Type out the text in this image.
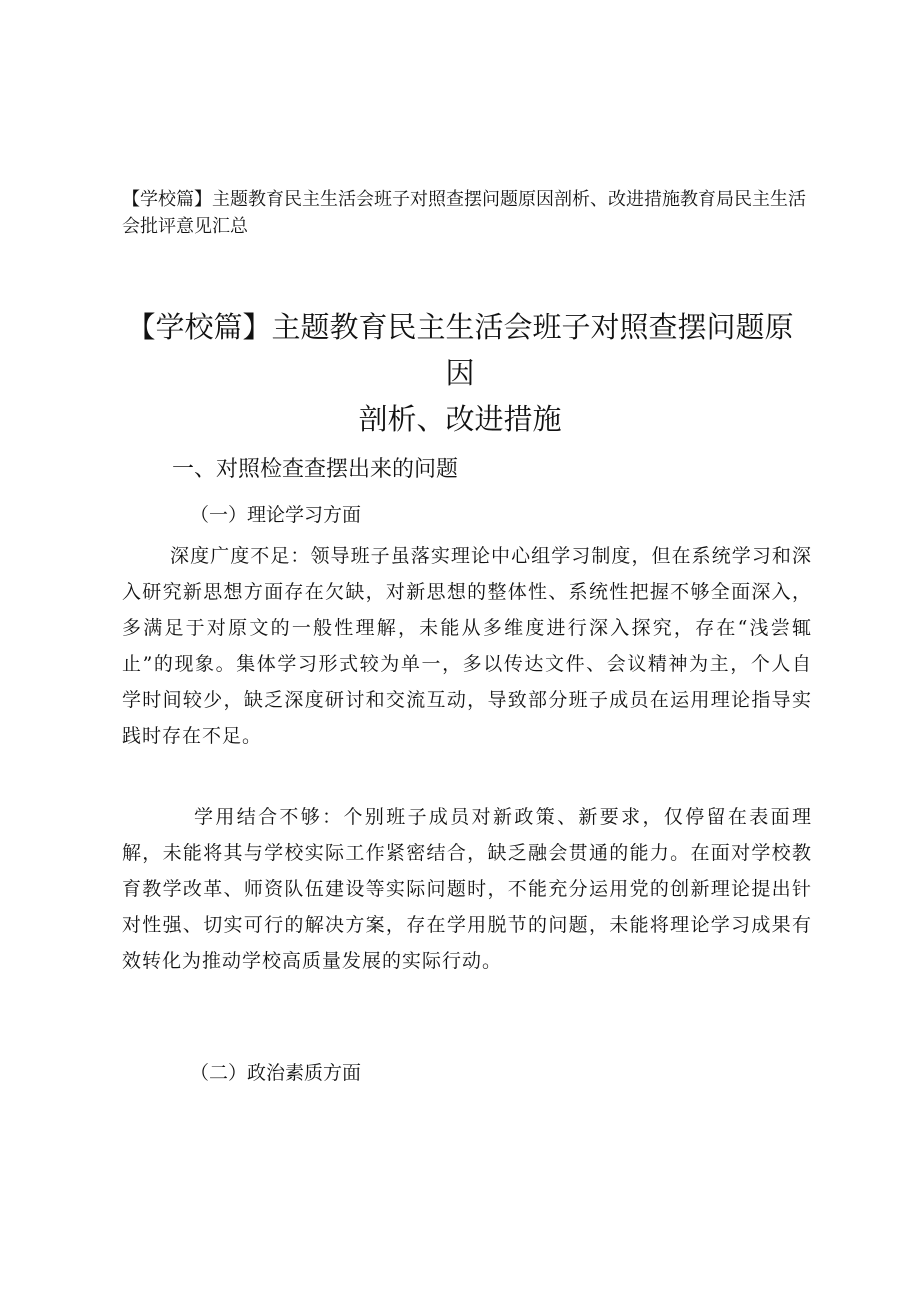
【学校篇】主题教育民主生活会班子对照查摆问题原因剖析、改进措施教育局民主生活会批评意见汇总

【学校篇】主题教育民主生活会班子对照查摆问题原因
剖析、改进措施
一、对照检查查摆出来的问题
（一）理论学习方面

深度广度不足：领导班子虽落实理论中心组学习制度，但在系统学习和深入研究新思想方面存在欠缺，对新思想的整体性、系统性把握不够全面深入，多满足于对原文的一般性理解，未能从多维度进行深入探究，存在“浅尝辄止”的现象。集体学习形式较为单一，多以传达文件、会议精神为主，个人自学时间较少，缺乏深度研讨和交流互动，导致部分班子成员在运用理论指导实践时存在不足。

学用结合不够：个别班子成员对新政策、新要求，仅停留在表面理解，未能将其与学校实际工作紧密结合，缺乏融会贯通的能力。在面对学校教育教学改革、师资队伍建设等实际问题时，不能充分运用党的创新理论提出针对性强、切实可行的解决方案，存在学用脱节的问题，未能将理论学习成果有效转化为推动学校高质量发展的实际行动。

（二）政治素质方面
